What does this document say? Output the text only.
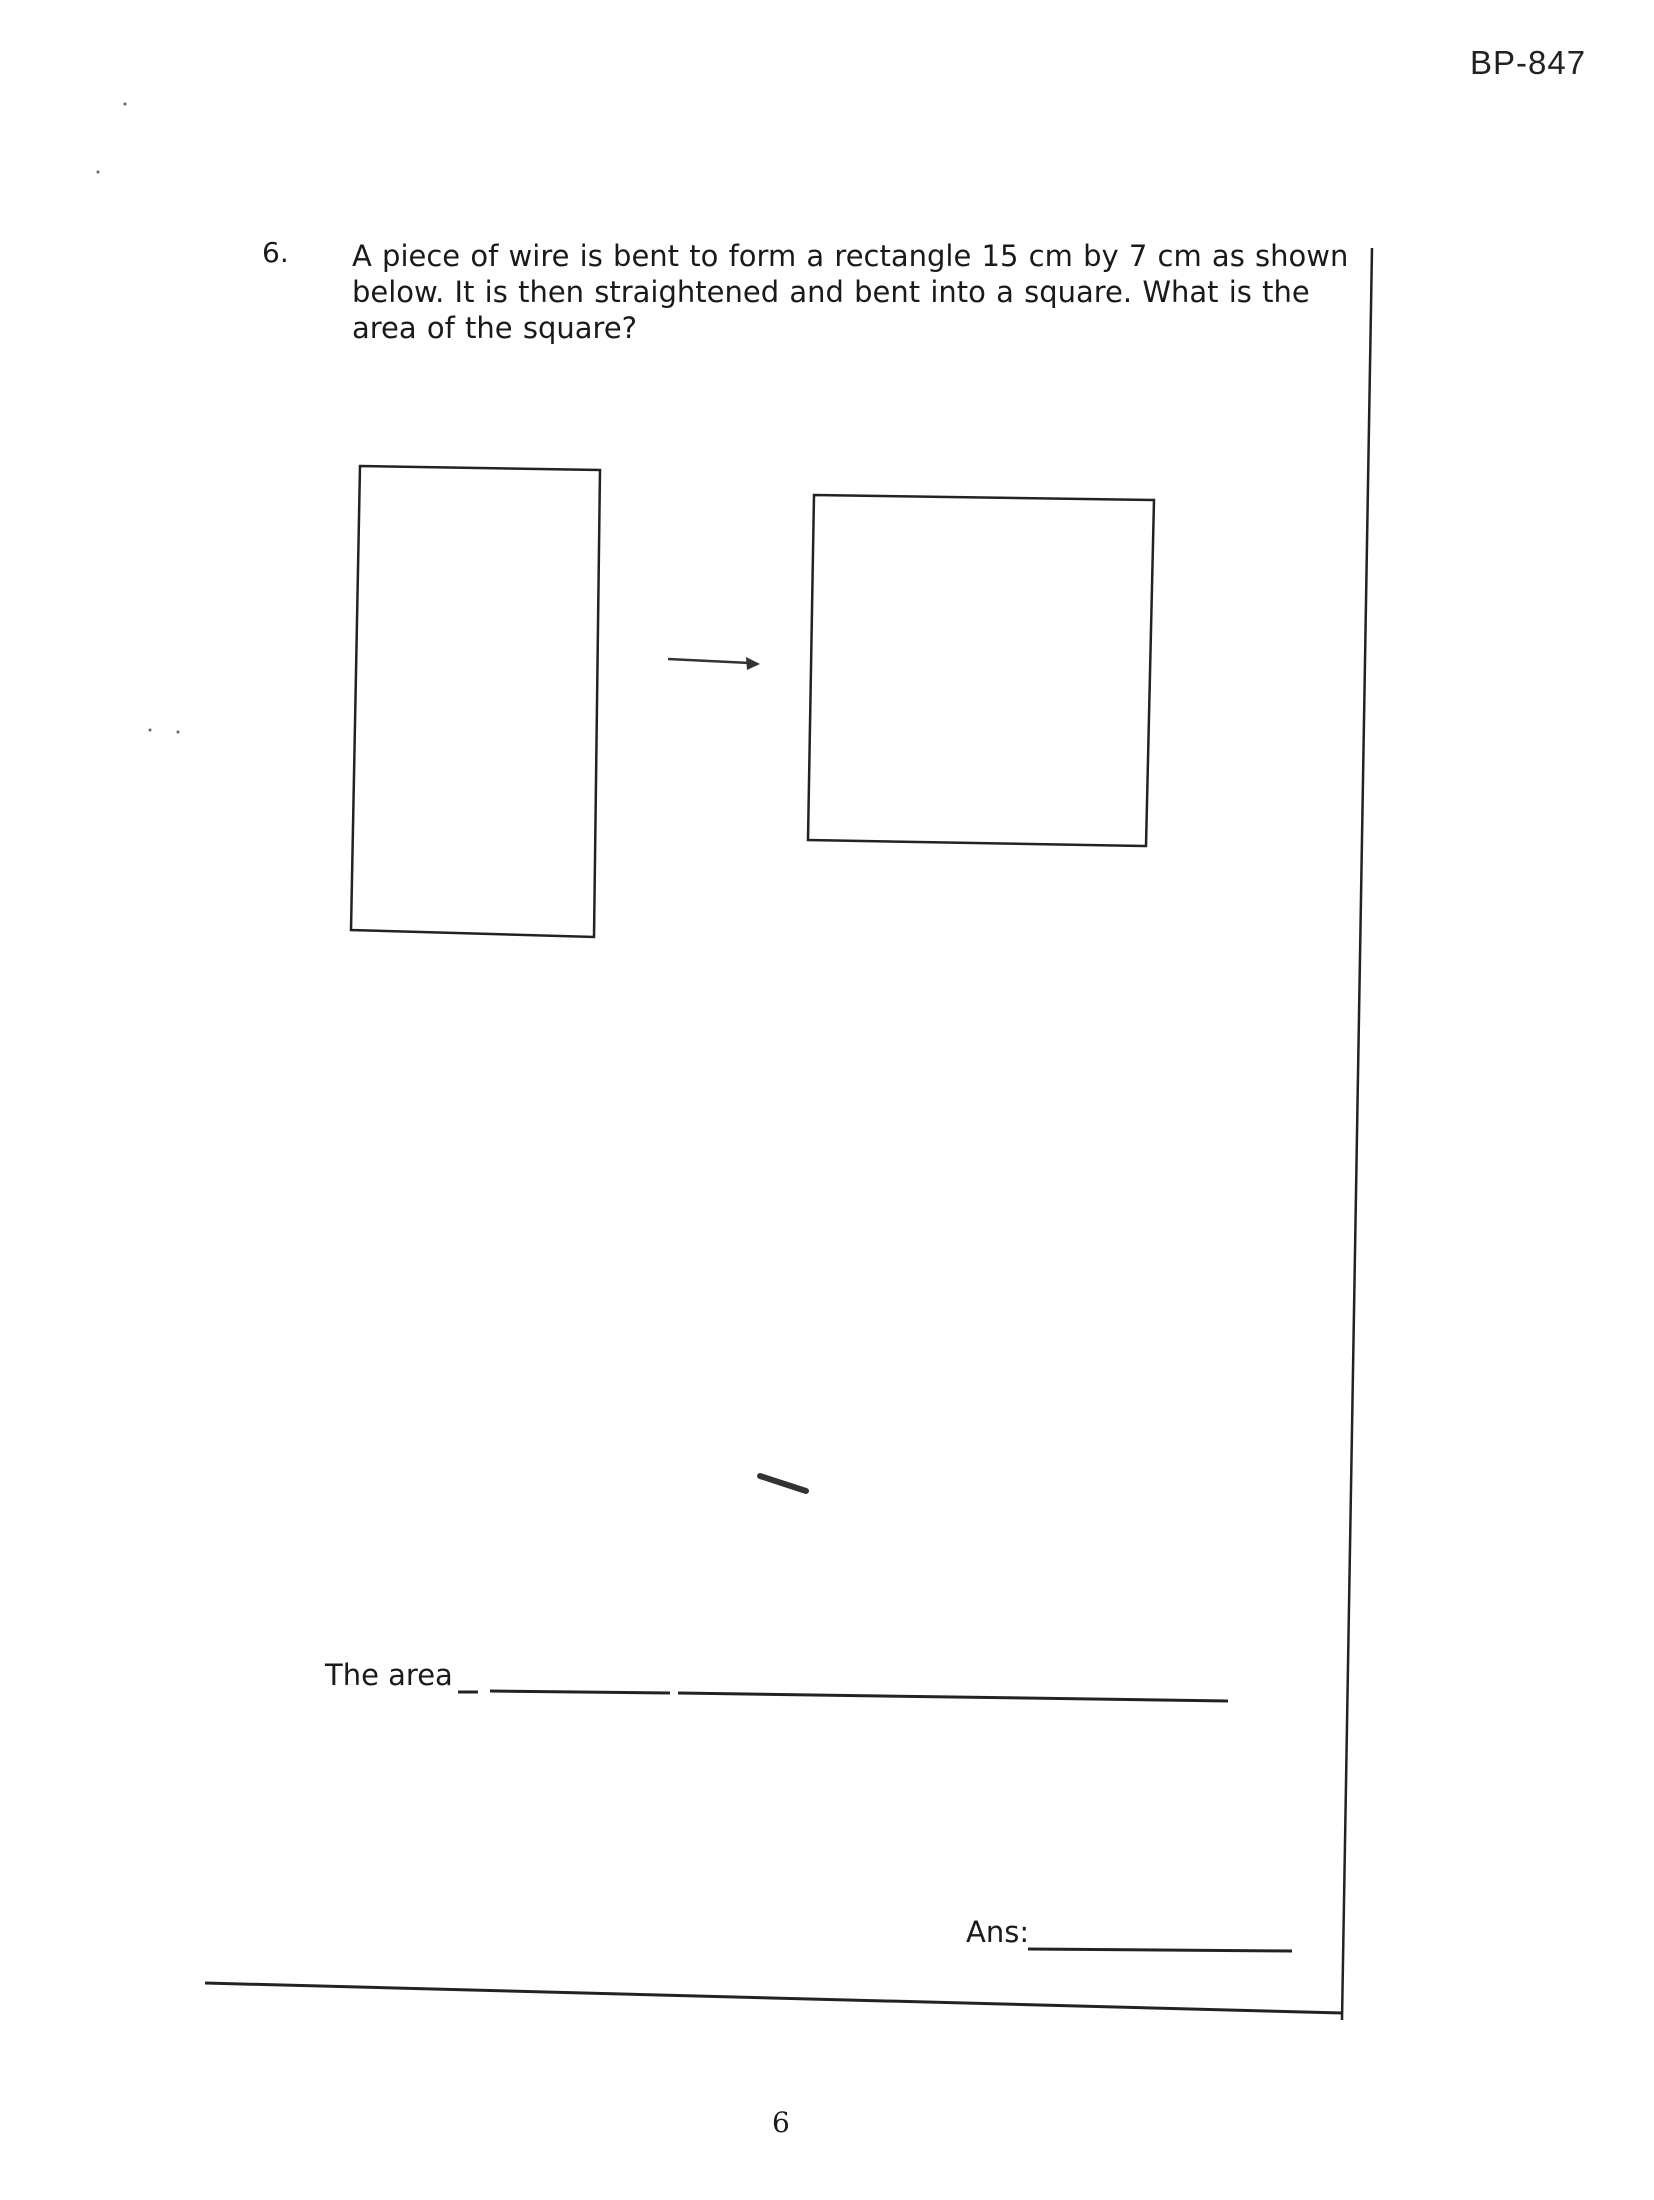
BP-847
6. A piece of wire is bent to form a rectangle 15 cm by 7 cm as shown below. It is then straightened and bent into a square. What is the area of the square?
The area
Ans:
6
